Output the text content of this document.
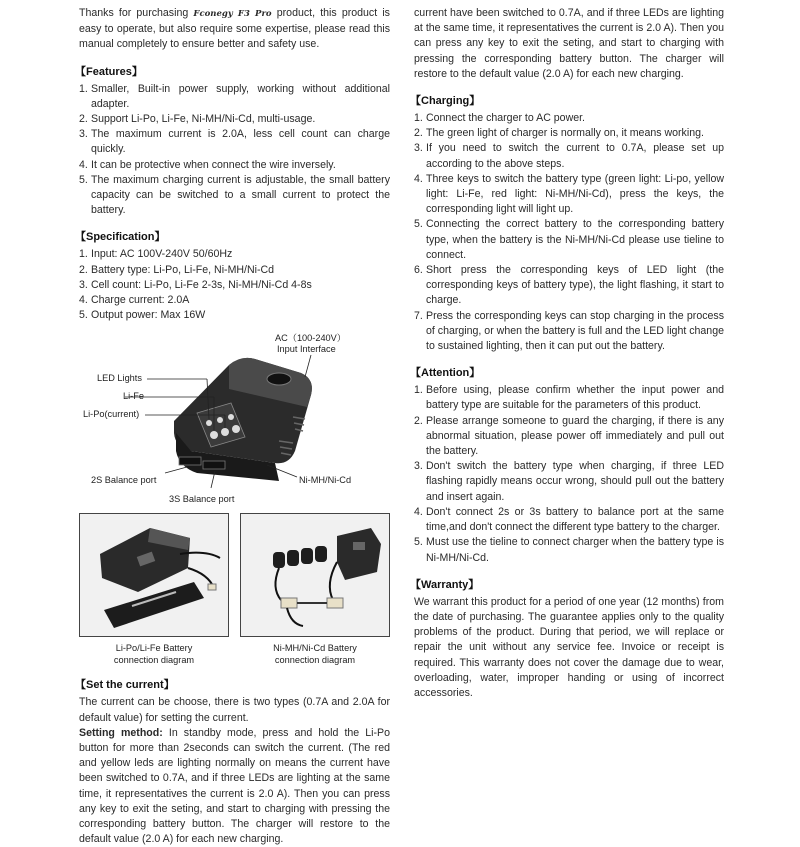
Thanks for purchasing Fconegy F3 Pro product, this product is easy to operate, but also require some expertise, please read this manual completely to ensure better and safety use.

【Features】
1. Smaller, Built-in power supply, working without additional adapter.
2. Support Li-Po, Li-Fe, Ni-MH/Ni-Cd, multi-usage.
3. The maximum current is 2.0A, less cell count can charge quickly.
4. It can be protective when connect the wire inversely.
5. The maximum charging current is adjustable, the small battery capacity can be switched to a small current to protect the battery.
【Specification】
1. Input: AC 100V-240V 50/60Hz
2. Battery type: Li-Po, Li-Fe, Ni-MH/Ni-Cd
3. Cell count: Li-Po, Li-Fe 2-3s, Ni-MH/Ni-Cd 4-8s
4. Charge current: 2.0A
5. Output power: Max 16W
AC（100-240V）
Input Interface
LED Lights
Li-Fe
Li-Po(current)
2S Balance port	Ni-MH/Ni-Cd
3S Balance port
Li-Po/Li-Fe Battery
connection diagram
Ni-MH/Ni-Cd Battery
connection diagram
【Set the current】

The current can be choose, there is two types (0.7A and 2.0A for default value) for setting the current.

Setting method: In standby mode, press and hold the Li-Po button for more than 2seconds can switch the current. (The red and yellow leds are lighting normally on means the current have been switched to 0.7A, and if three LEDs are lighting at the same time, it representatives the current is 2.0 A). Then you can press any key to exit the seting, and start to charging with pressing the corresponding battery button. The charger will restore to the default value (2.0 A) for each new charging.

current have been switched to 0.7A, and if three LEDs are lighting at the same time, it representatives the current is 2.0 A). Then you can press any key to exit the seting, and start to charging with pressing the corresponding battery button. The charger will restore to the default value (2.0 A) for each new charging.

【Charging】
1. Connect the charger to AC power.
2. The green light of charger is normally on, it means working.
3. If you need to switch the current to 0.7A, please set up according to the above steps.
4. Three keys to switch the battery type (green light: Li-po, yellow light: Li-Fe, red light: Ni-MH/Ni-Cd), press the keys, the corresponding light will light up.
5. Connecting the correct battery to the corresponding battery type, when the battery is the Ni-MH/Ni-Cd please use tieline to connect.
6. Short press the corresponding keys of LED light (the corresponding keys of battery type), the light flashing, it start to charge.
7. Press the corresponding keys can stop charging in the process of charging, or when the battery is full and the LED light change to sustained lighting, then it can put out the battery.
【Attention】
1. Before using, please confirm whether the input power and battery type are suitable for the parameters of this product.
2. Please arrange someone to guard the charging, if there is any abnormal situation, please power off immediately and pull out the battery.
3. Don't switch the battery type when charging, if three LED flashing rapidly means occur wrong, should pull out the battery and insert again.
4. Don't connect 2s or 3s battery to balance port at the same time,and don't connect the different type battery to the charger.
5. Must use the tieline to connect charger when the battery type is Ni-MH/Ni-Cd.
【Warranty】

We warrant this product for a period of one year (12 months) from the date of purchasing. The guarantee applies only to the quality problems of the product. During that period, we will replace or repair the unit without any service fee. Invoice or receipt is required. This warranty does not cover the damage due to wear, overloading, water, improper handing or using of incorrect accessories.
